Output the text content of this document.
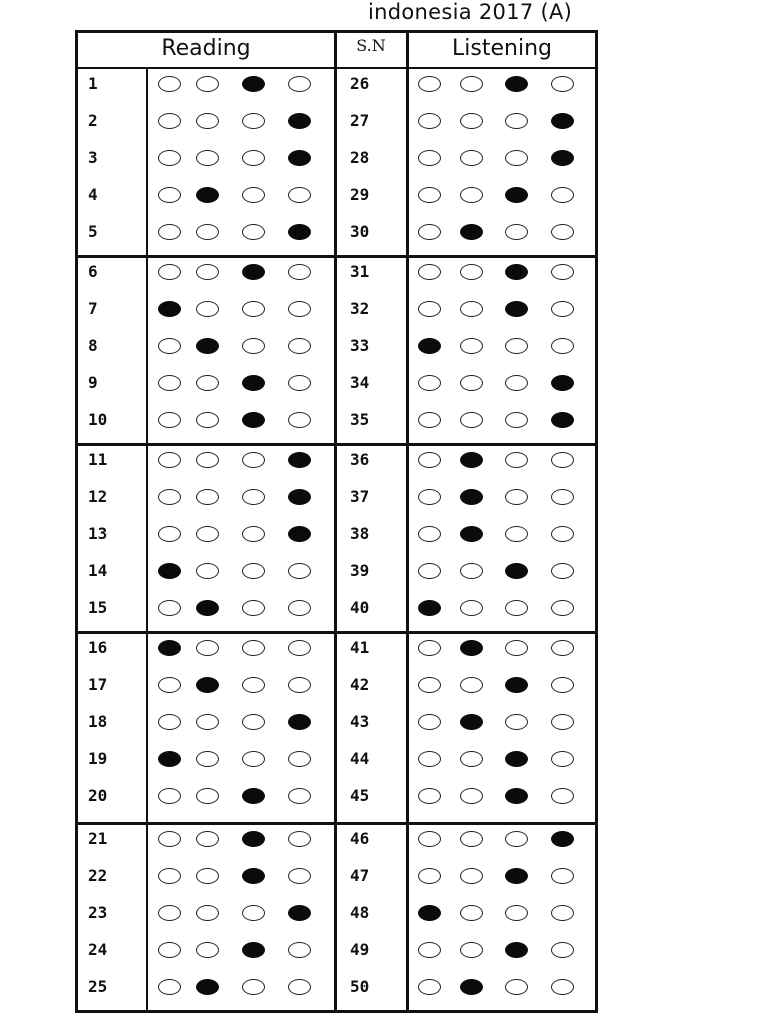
indonesia 2017 (A)
Reading	S.N	Listening
1
2
3
4
5
6
7
8
9
10
11
12
13
14
15
16
17
18
19
20
21
22
23
24
25
26
27
28
29
30
31
32
33
34
35
36
37
38
39
40
41
42
43
44
45
46
47
48
49
50
